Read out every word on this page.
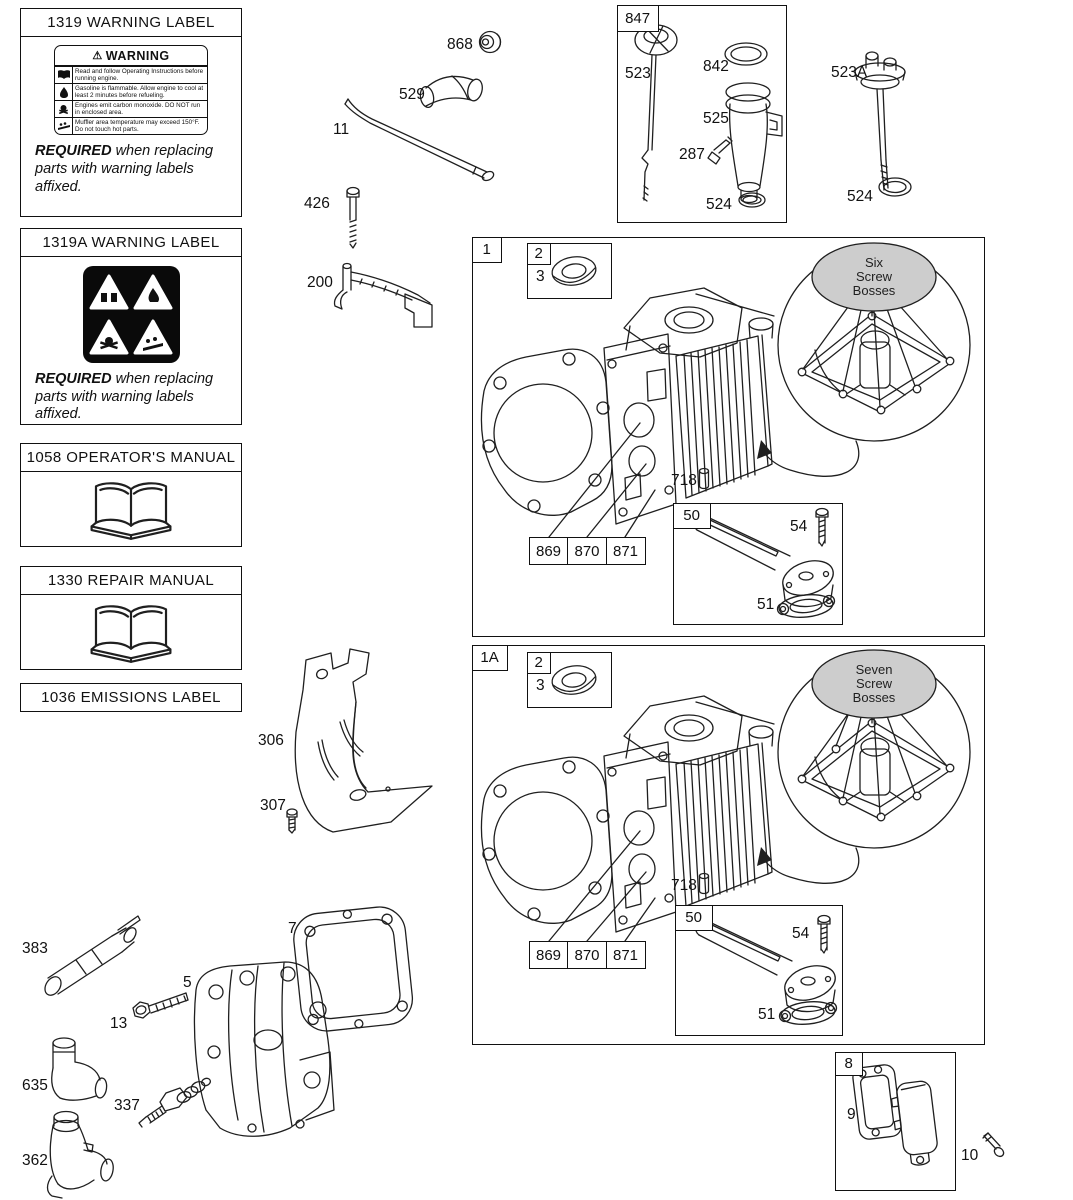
Six
Screw
Bosses
Seven
Screw
Bosses
1319 WARNING LABEL
⚠ WARNING
Read and follow Operating Instructions before running engine.
Gasoline is flammable. Allow engine to cool at least 2 minutes before refueling.
Engines emit carbon monoxide. DO NOT run in enclosed area.
Muffler area temperature may exceed 150°F. Do not touch hot parts.
REQUIRED when replacing parts with warning labels affixed.
1319A WARNING LABEL
REQUIRED when replacing parts with warning labels affixed.
1058 OPERATOR'S MANUAL
1330 REPAIR MANUAL
1036 EMISSIONS LABEL
847
1	2
50
1A	2
50
8
869 870 871
869 870 871
868
529
11
426
200
306
307
383
5
13
7
635
337
362
523A
524
523	842
525
287
524
3
718
54
51
3
718
54
51
9
10
